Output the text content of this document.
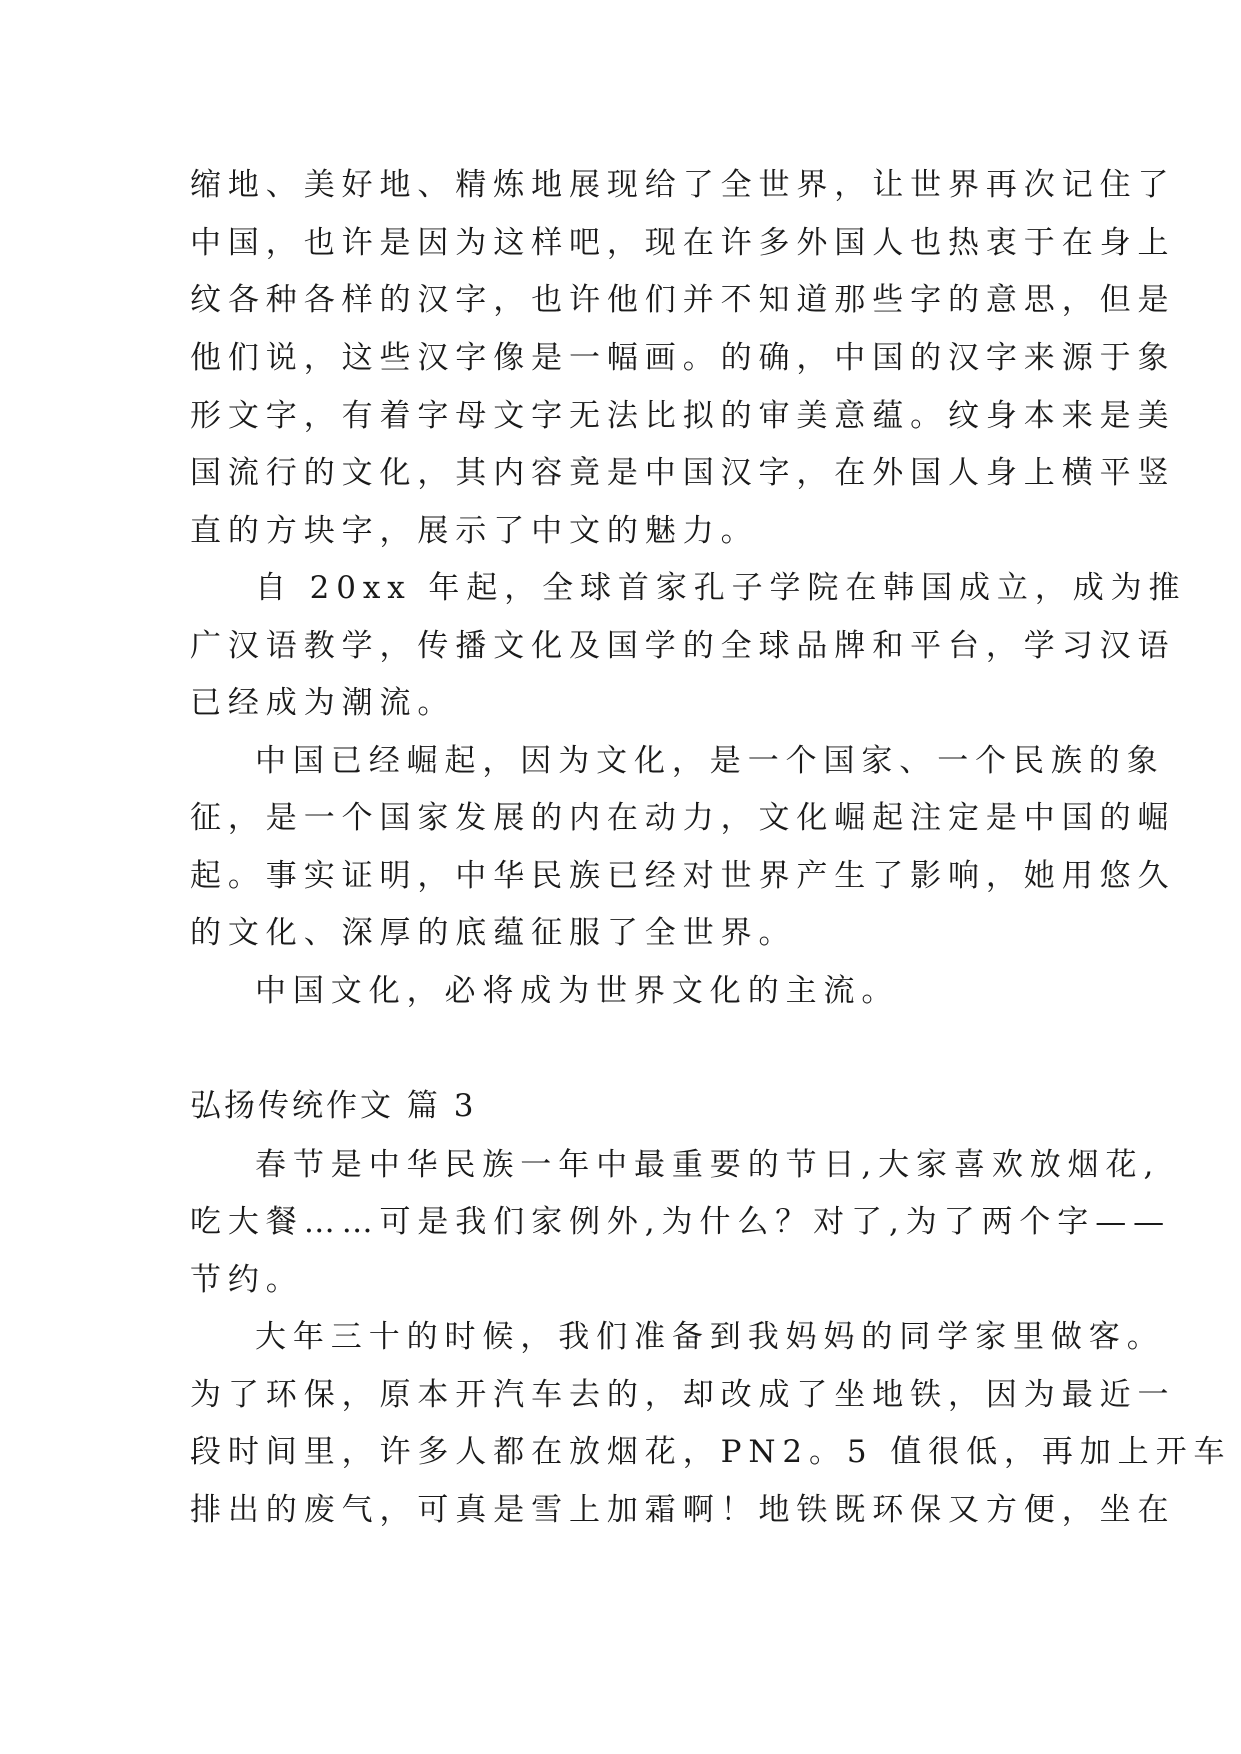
缩地、美好地、精炼地展现给了全世界，让世界再次记住了
中国，也许是因为这样吧，现在许多外国人也热衷于在身上
纹各种各样的汉字，也许他们并不知道那些字的意思，但是
他们说，这些汉字像是一幅画。的确，中国的汉字来源于象
形文字，有着字母文字无法比拟的审美意蕴。纹身本来是美
国流行的文化，其内容竟是中国汉字，在外国人身上横平竖
直的方块字，展示了中文的魅力。
自 20xx 年起，全球首家孔子学院在韩国成立，成为推
广汉语教学，传播文化及国学的全球品牌和平台，学习汉语
已经成为潮流。
中国已经崛起，因为文化，是一个国家、一个民族的象
征，是一个国家发展的内在动力，文化崛起注定是中国的崛
起。事实证明，中华民族已经对世界产生了影响，她用悠久
的文化、深厚的底蕴征服了全世界。
中国文化，必将成为世界文化的主流。
弘扬传统作文 篇 3
春节是中华民族一年中最重要的节日,大家喜欢放烟花,
吃大餐……可是我们家例外,为什么？对了,为了两个字——
节约。
大年三十的时候，我们准备到我妈妈的同学家里做客。
为了环保，原本开汽车去的，却改成了坐地铁，因为最近一
段时间里，许多人都在放烟花，PN2。5 值很低，再加上开车
排出的废气，可真是雪上加霜啊！地铁既环保又方便，坐在
